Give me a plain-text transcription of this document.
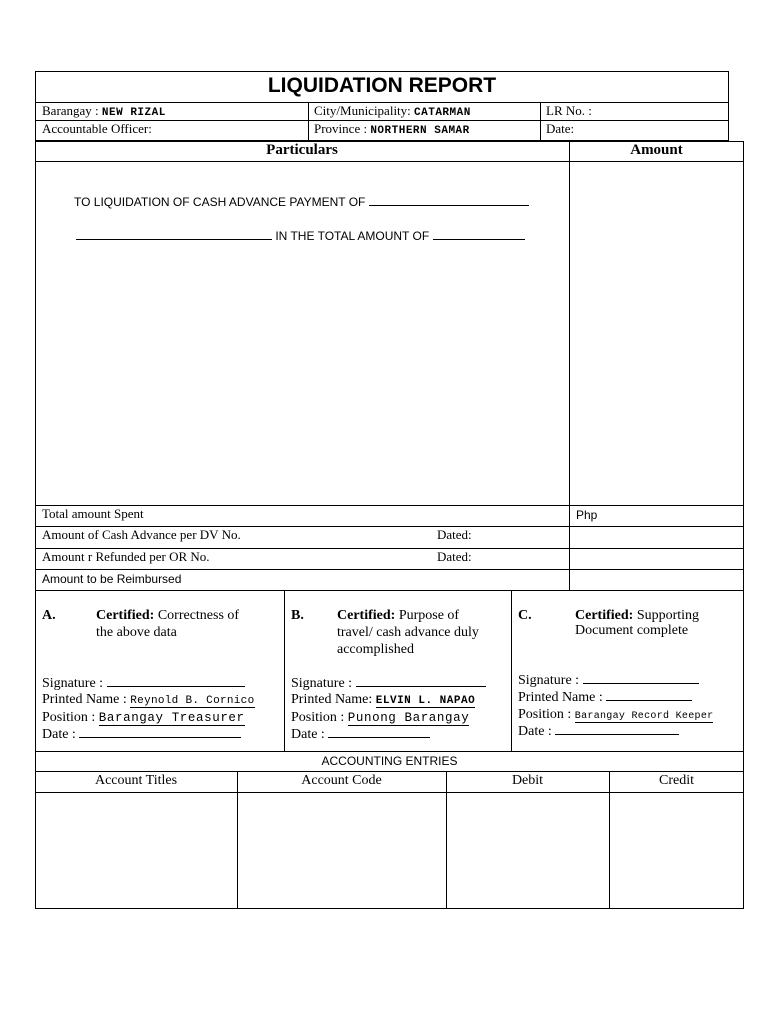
LIQUIDATION REPORT
Barangay : NEW RIZAL	City/Municipality: CATARMAN	LR No. :
Accountable Officer:	Province : NORTHERN SAMAR	Date:
Particulars	Amount
TO LIQUIDATION OF CASH ADVANCE PAYMENT OF
IN THE TOTAL AMOUNT OF
Total amount Spent	Php
Amount of Cash Advance per DV No.	Dated:
Amount r Refunded per OR No.	Dated:
Amount to be Reimbursed
A.	Certified: Correctness of
the above data
Signature :
Printed Name : Reynold B. Cornico
Position : Barangay Treasurer
Date :
B. Certified: Purpose of
travel/ cash advance duly
accomplished
Signature :
Printed Name: ELVIN L. NAPAO
Position : Punong Barangay
Date :
C.	Certified: Supporting
Document complete
Signature :
Printed Name :
Position : Barangay Record Keeper
Date :
ACCOUNTING ENTRIES
Account Titles	Account Code	Debit	Credit
